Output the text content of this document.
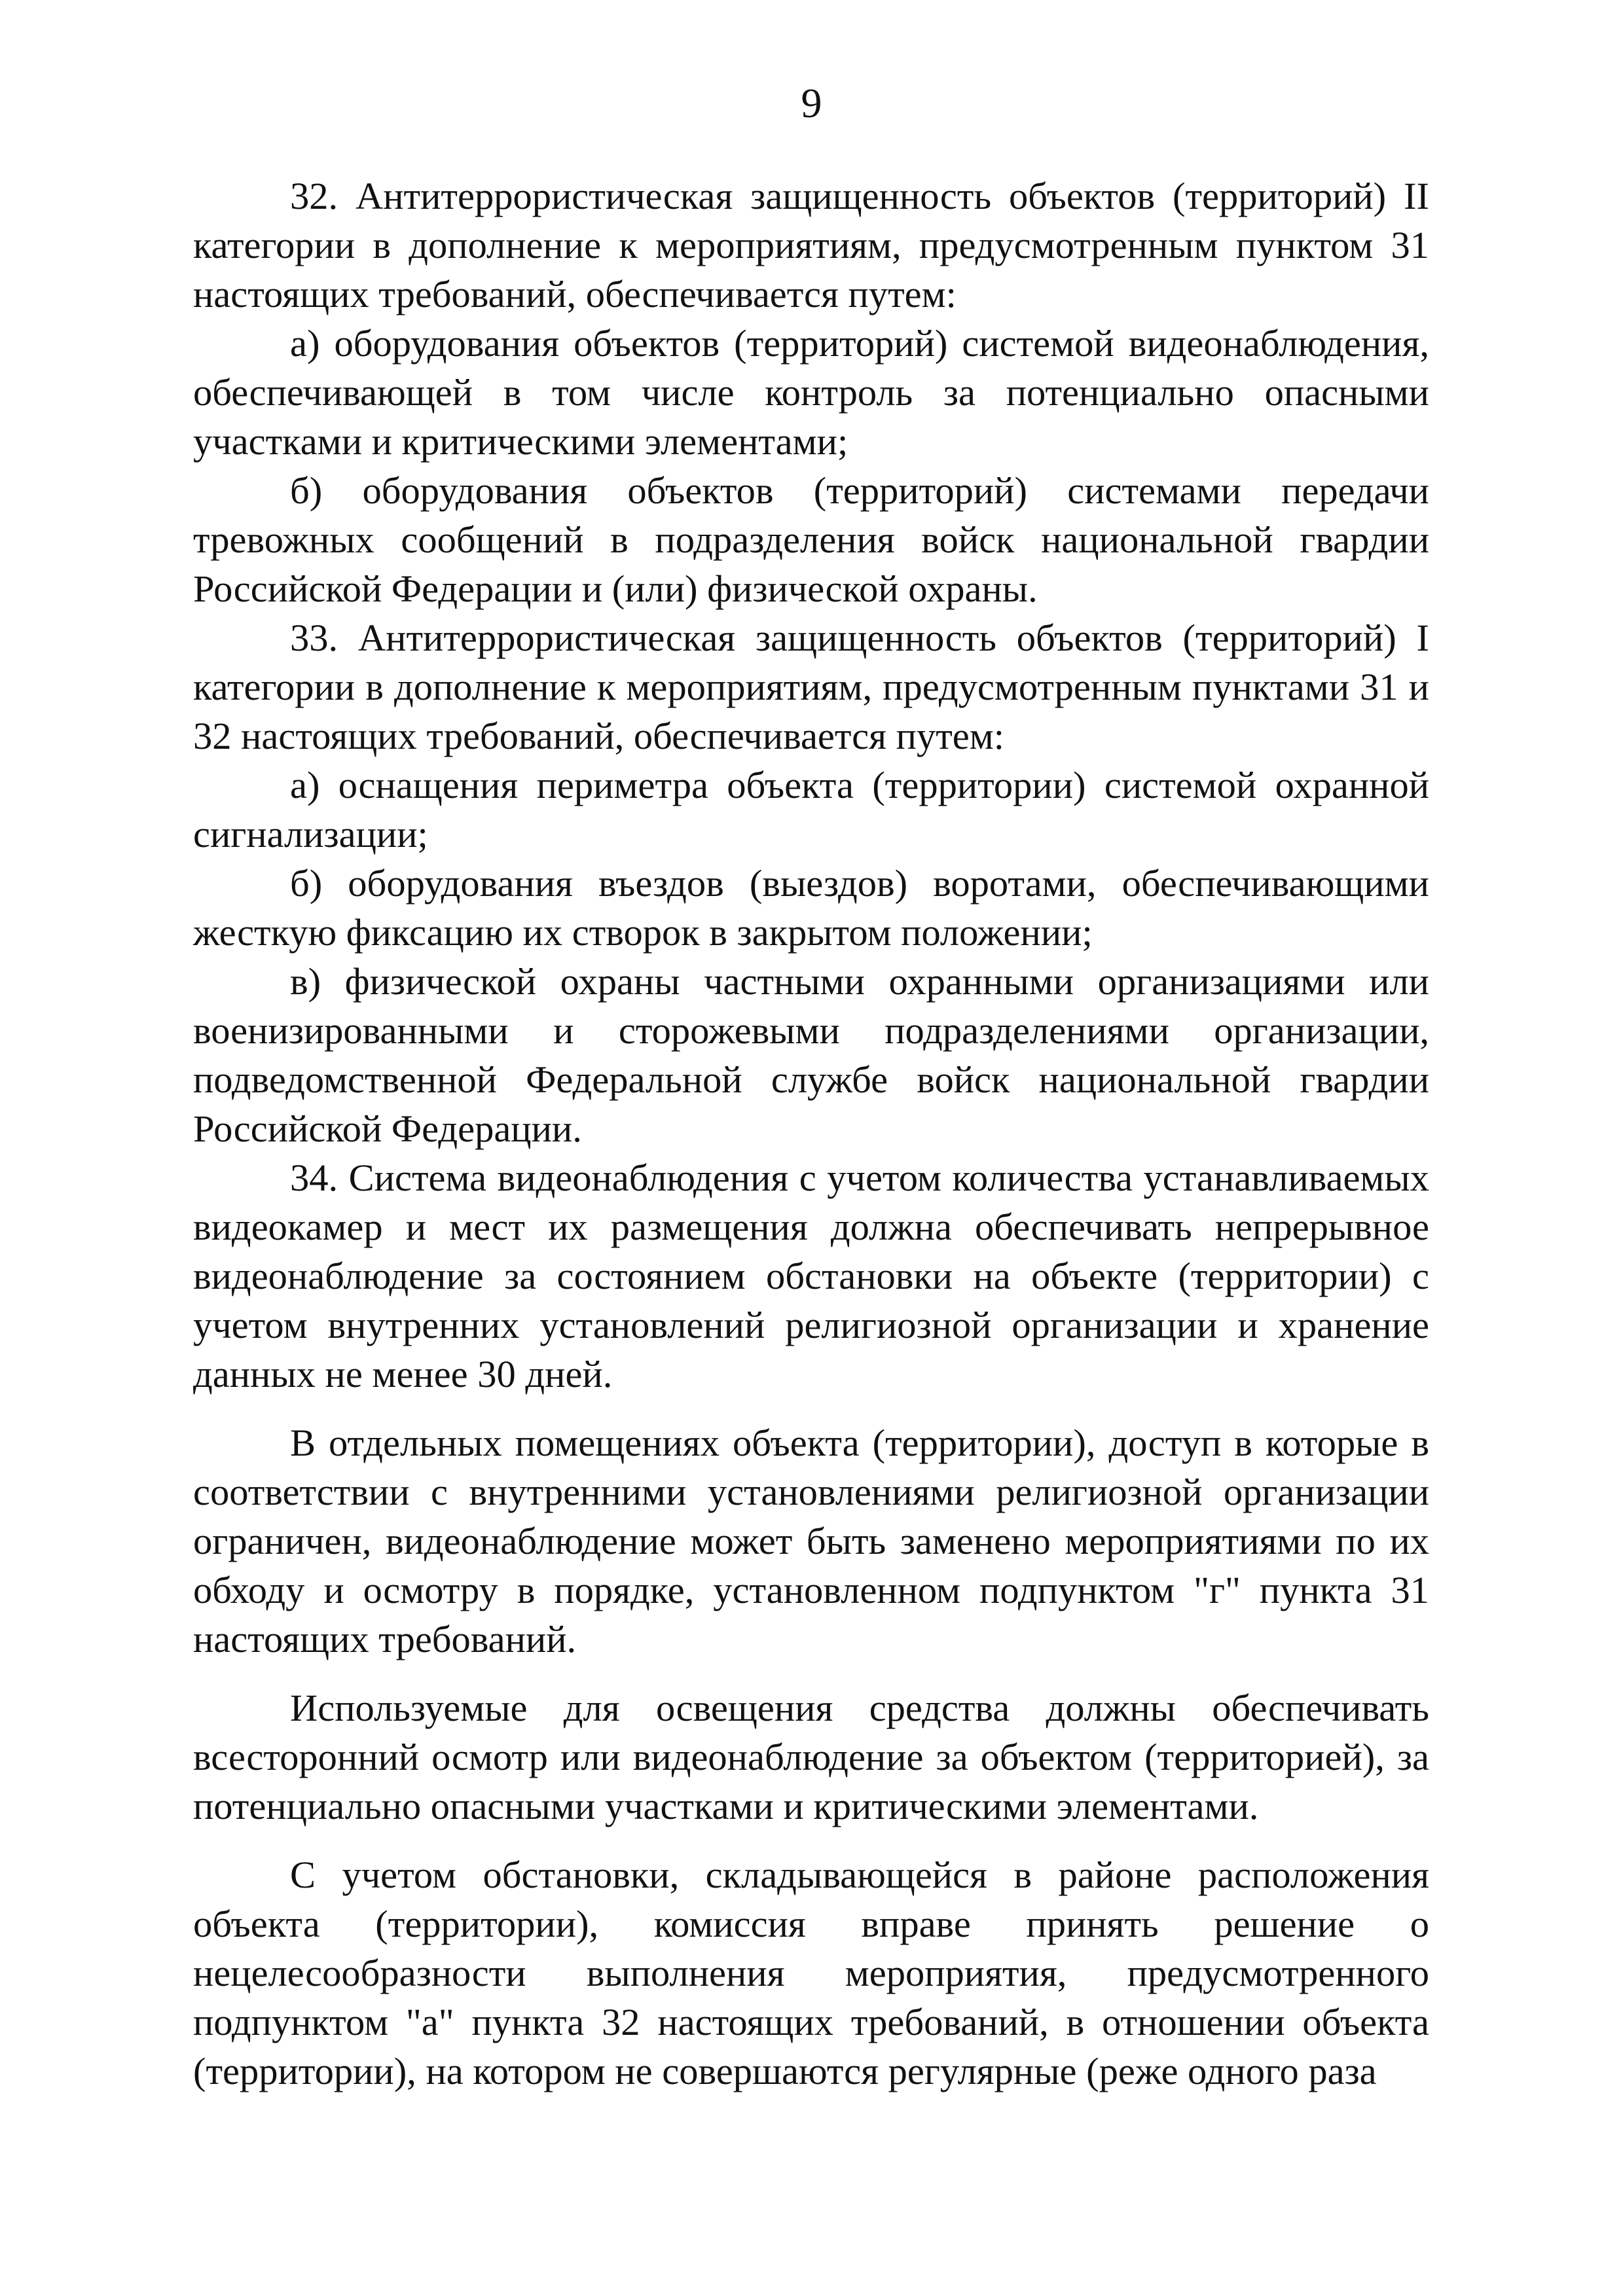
9

32. Антитеррористическая защищенность объектов (территорий) II категории в дополнение к мероприятиям, предусмотренным пунктом 31 настоящих требований, обеспечивается путем:

а) оборудования объектов (территорий) системой видеонаблюдения, обеспечивающей в том числе контроль за потенциально опасными участками и критическими элементами;

б) оборудования объектов (территорий) системами передачи тревожных сообщений в подразделения войск национальной гвардии Российской Федерации и (или) физической охраны.

33. Антитеррористическая защищенность объектов (территорий) I категории в дополнение к мероприятиям, предусмотренным пунктами 31 и 32 настоящих требований, обеспечивается путем:

а) оснащения периметра объекта (территории) системой охранной сигнализации;

б) оборудования въездов (выездов) воротами, обеспечивающими жесткую фиксацию их створок в закрытом положении;

в) физической охраны частными охранными организациями или военизированными и сторожевыми подразделениями организации, подведомственной Федеральной службе войск национальной гвардии Российской Федерации.

34. Система видеонаблюдения с учетом количества устанавливаемых видеокамер и мест их размещения должна обеспечивать непрерывное видеонаблюдение за состоянием обстановки на объекте (территории) с учетом внутренних установлений религиозной организации и хранение данных не менее 30 дней.

В отдельных помещениях объекта (территории), доступ в которые в соответствии с внутренними установлениями религиозной организации ограничен, видеонаблюдение может быть заменено мероприятиями по их обходу и осмотру в порядке, установленном подпунктом "г" пункта 31 настоящих требований.

Используемые для освещения средства должны обеспечивать всесторонний осмотр или видеонаблюдение за объектом (территорией), за потенциально опасными участками и критическими элементами.

С учетом обстановки, складывающейся в районе расположения объекта (территории), комиссия вправе принять решение о нецелесообразности выполнения мероприятия, предусмотренного подпунктом "а" пункта 32 настоящих требований, в отношении объекта (территории), на котором не совершаются регулярные (реже одного раза
